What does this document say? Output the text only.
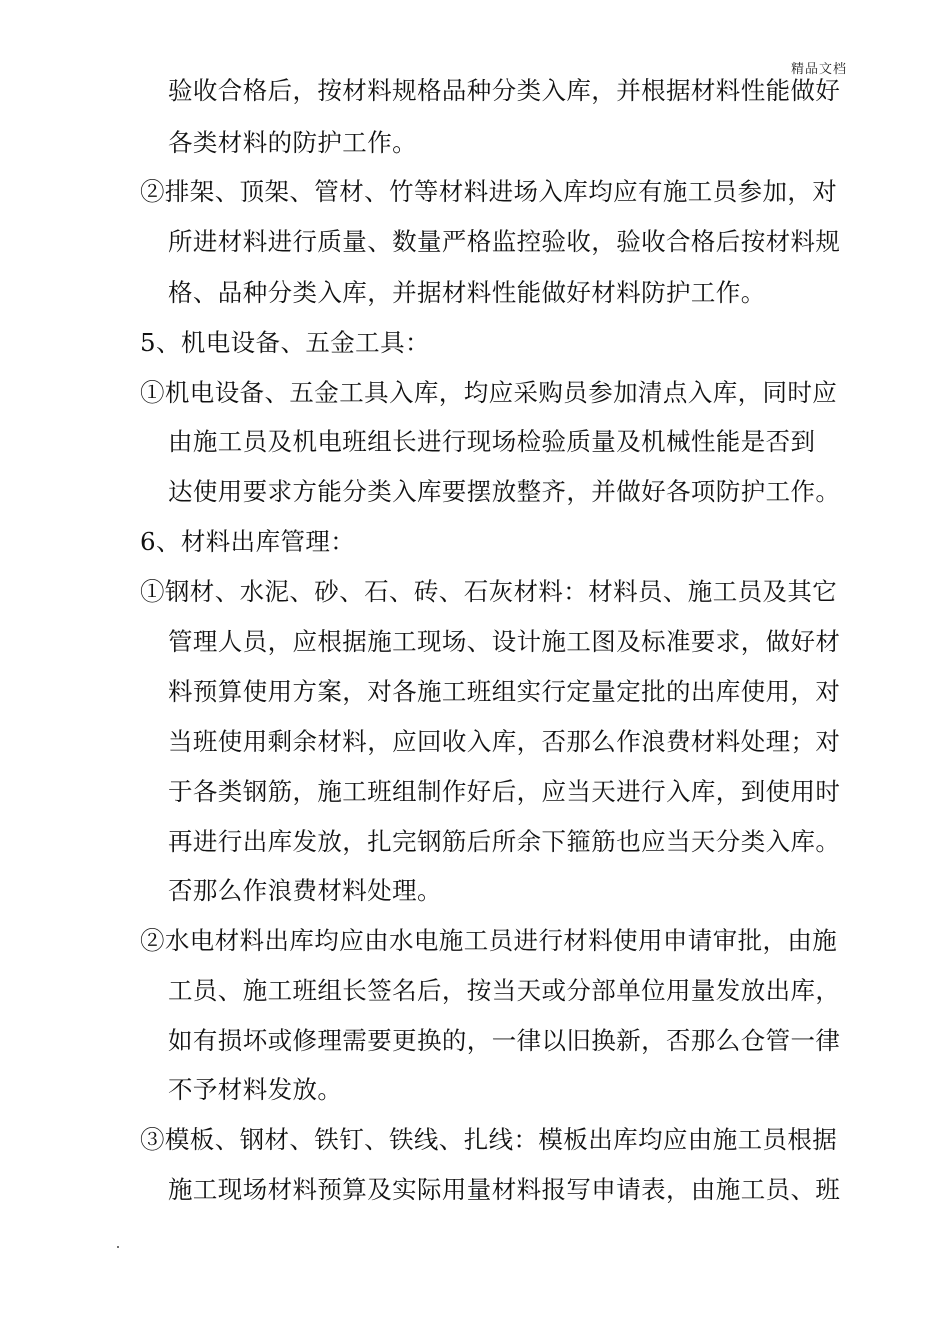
精品文档
验收合格后，按材料规格品种分类入库，并根据材料性能做好
各类材料的防护工作。
②排架、顶架、管材、竹等材料进场入库均应有施工员参加，对
所进材料进行质量、数量严格监控验收，验收合格后按材料规
格、品种分类入库，并据材料性能做好材料防护工作。
5、机电设备、五金工具：
①机电设备、五金工具入库，均应采购员参加清点入库，同时应
由施工员及机电班组长进行现场检验质量及机械性能是否到
达使用要求方能分类入库要摆放整齐，并做好各项防护工作。
6、材料出库管理：
①钢材、水泥、砂、石、砖、石灰材料：材料员、施工员及其它
管理人员，应根据施工现场、设计施工图及标准要求，做好材
料预算使用方案，对各施工班组实行定量定批的出库使用，对
当班使用剩余材料，应回收入库，否那么作浪费材料处理；对
于各类钢筋，施工班组制作好后，应当天进行入库，到使用时
再进行出库发放，扎完钢筋后所余下箍筋也应当天分类入库。
否那么作浪费材料处理。
②水电材料出库均应由水电施工员进行材料使用申请审批，由施
工员、施工班组长签名后，按当天或分部单位用量发放出库，
如有损坏或修理需要更换的，一律以旧换新，否那么仓管一律
不予材料发放。
③模板、钢材、铁钉、铁线、扎线：模板出库均应由施工员根据
施工现场材料预算及实际用量材料报写申请表，由施工员、班
